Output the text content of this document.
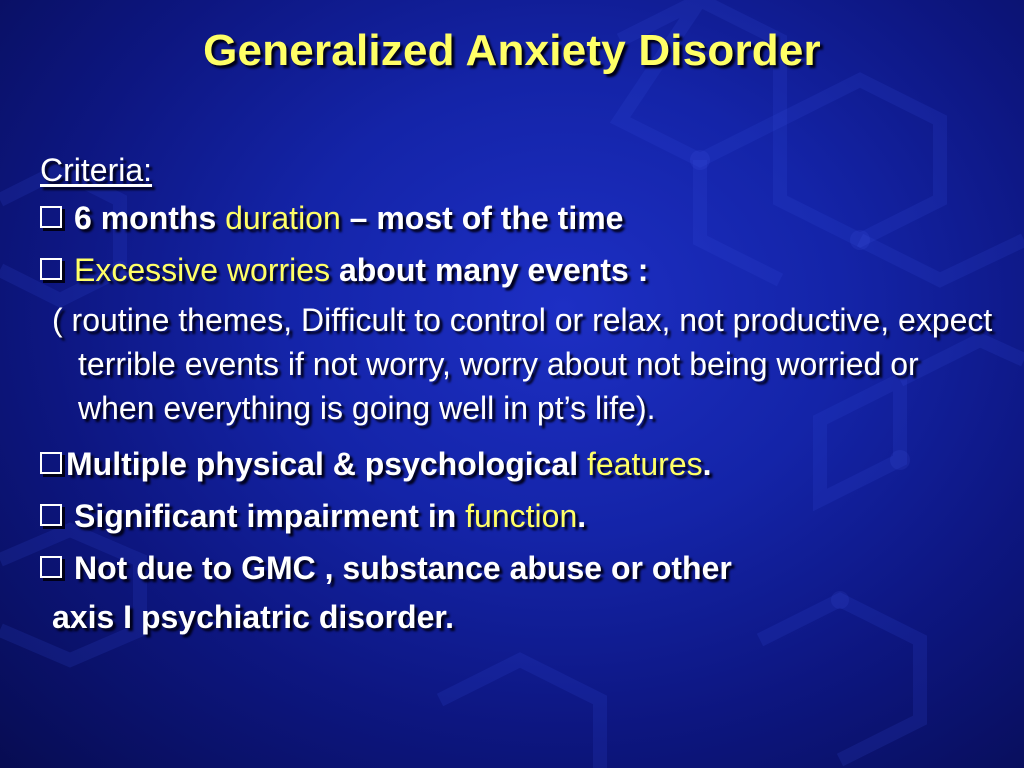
Generalized Anxiety Disorder

Criteria:

6 months duration – most of the time

Excessive worries about many events :

( routine themes, Difficult to control or relax, not productive, expect terrible events if not worry, worry about not being worried or when everything is going well in pt’s life).

Multiple physical & psychological features.

Significant impairment in function.

Not due to GMC , substance abuse or other

axis I psychiatric disorder.
